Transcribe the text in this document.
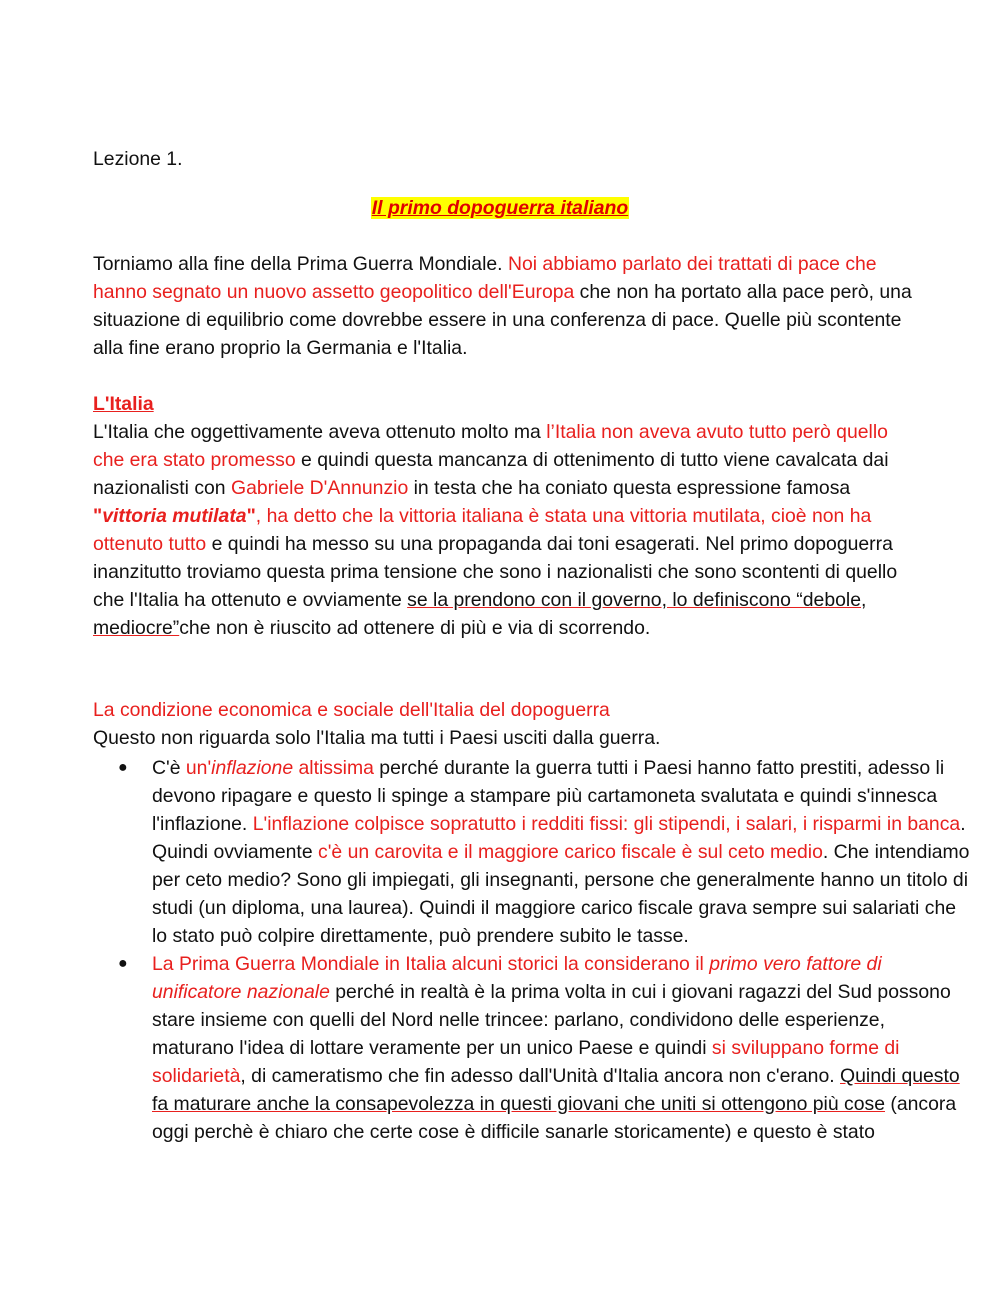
Lezione 1.

Il primo dopoguerra italiano

Torniamo alla fine della Prima Guerra Mondiale. Noi abbiamo parlato dei trattati di pace che hanno segnato un nuovo assetto geopolitico dell'Europa che non ha portato alla pace però, una situazione di equilibrio come dovrebbe essere in una conferenza di pace. Quelle più scontente alla fine erano proprio la Germania e l'Italia.

L'Italia

L'Italia che oggettivamente aveva ottenuto molto ma l’Italia non aveva avuto tutto però quello che era stato promesso e quindi questa mancanza di ottenimento di tutto viene cavalcata dai nazionalisti con Gabriele D'Annunzio in testa che ha coniato questa espressione famosa "vittoria mutilata", ha detto che la vittoria italiana è stata una vittoria mutilata, cioè non ha ottenuto tutto e quindi ha messo su una propaganda dai toni esagerati. Nel primo dopoguerra inanzitutto troviamo questa prima tensione che sono i nazionalisti che sono scontenti di quello che l'Italia ha ottenuto e ovviamente se la prendono con il governo, lo definiscono “debole, mediocre”che non è riuscito ad ottenere di più e via di scorrendo.

La condizione economica e sociale dell'Italia del dopoguerra

Questo non riguarda solo l'Italia ma tutti i Paesi usciti dalla guerra.

● C'è un'inflazione altissima perché durante la guerra tutti i Paesi hanno fatto prestiti, adesso li devono ripagare e questo li spinge a stampare più cartamoneta svalutata e quindi s'innesca l'inflazione. L'inflazione colpisce sopratutto i redditi fissi: gli stipendi, i salari, i risparmi in banca. Quindi ovviamente c'è un carovita e il maggiore carico fiscale è sul ceto medio. Che intendiamo per ceto medio? Sono gli impiegati, gli insegnanti, persone che generalmente hanno un titolo di studi (un diploma, una laurea). Quindi il maggiore carico fiscale grava sempre sui salariati che lo stato può colpire direttamente, può prendere subito le tasse.
● La Prima Guerra Mondiale in Italia alcuni storici la considerano il primo vero fattore di unificatore nazionale perché in realtà è la prima volta in cui i giovani ragazzi del Sud possono stare insieme con quelli del Nord nelle trincee: parlano, condividono delle esperienze, maturano l'idea di lottare veramente per un unico Paese e quindi si sviluppano forme di solidarietà, di cameratismo che fin adesso dall'Unità d'Italia ancora non c'erano. Quindi questo fa maturare anche la consapevolezza in questi giovani che uniti si ottengono più cose (ancora oggi perchè è chiaro che certe cose è difficile sanarle storicamente) e questo è stato
